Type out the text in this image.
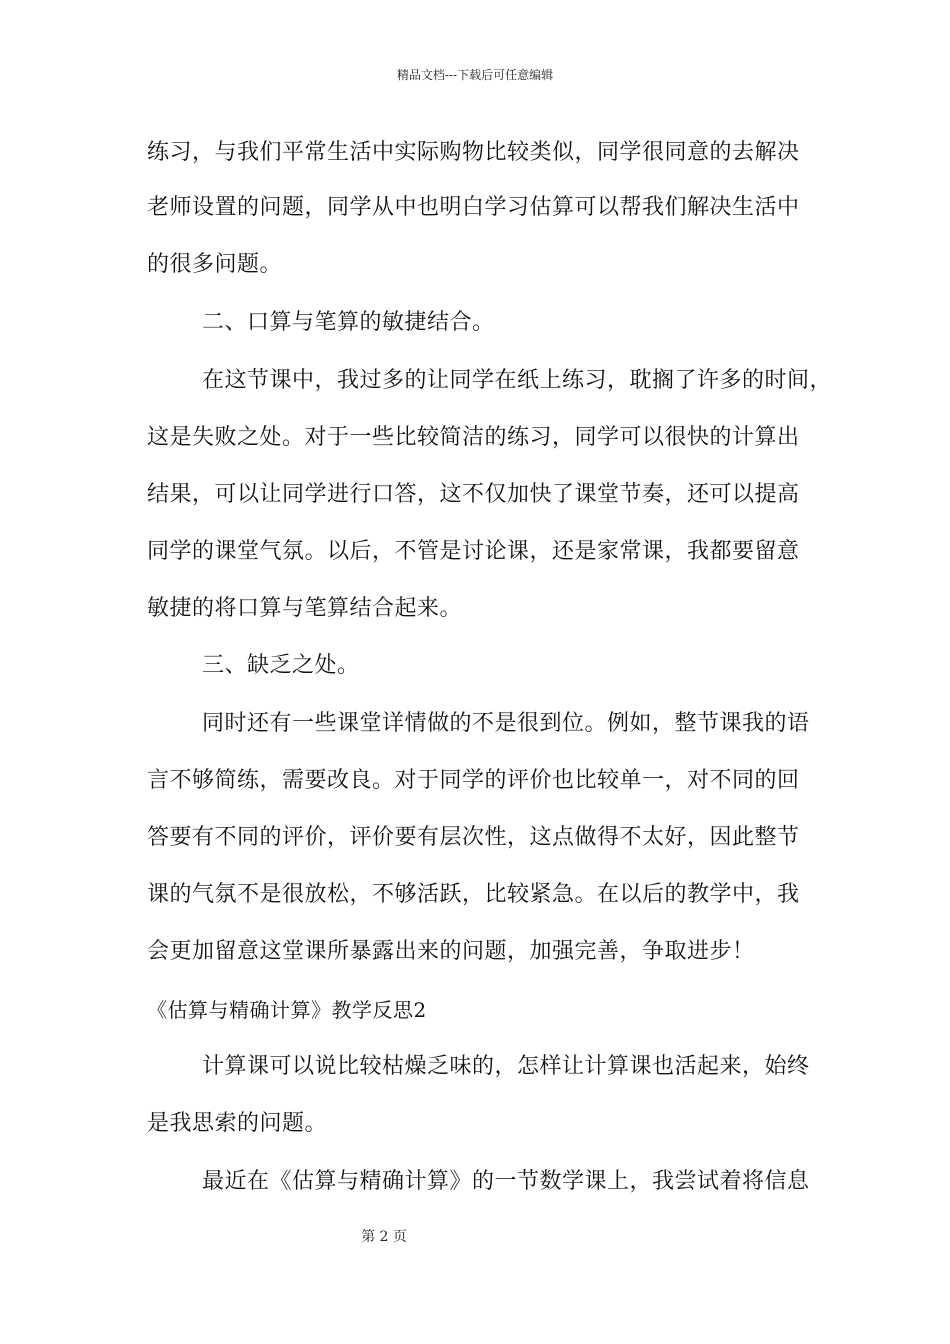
精品文档---下载后可任意编辑
练习，与我们平常生活中实际购物比较类似，同学很同意的去解决
老师设置的问题，同学从中也明白学习估算可以帮我们解决生活中
的很多问题。
二、口算与笔算的敏捷结合。
在这节课中，我过多的让同学在纸上练习，耽搁了许多的时间，
这是失败之处。对于一些比较简洁的练习，同学可以很快的计算出
结果，可以让同学进行口答，这不仅加快了课堂节奏，还可以提高
同学的课堂气氛。以后，不管是讨论课，还是家常课，我都要留意
敏捷的将口算与笔算结合起来。
三、缺乏之处。
同时还有一些课堂详情做的不是很到位。例如，整节课我的语
言不够简练，需要改良。对于同学的评价也比较单一，对不同的回
答要有不同的评价，评价要有层次性，这点做得不太好，因此整节
课的气氛不是很放松，不够活跃，比较紧急。在以后的教学中，我
会更加留意这堂课所暴露出来的问题，加强完善，争取进步！
《估算与精确计算》教学反思2
计算课可以说比较枯燥乏味的，怎样让计算课也活起来，始终
是我思索的问题。
最近在《估算与精确计算》的一节数学课上，我尝试着将信息
第 2 页
